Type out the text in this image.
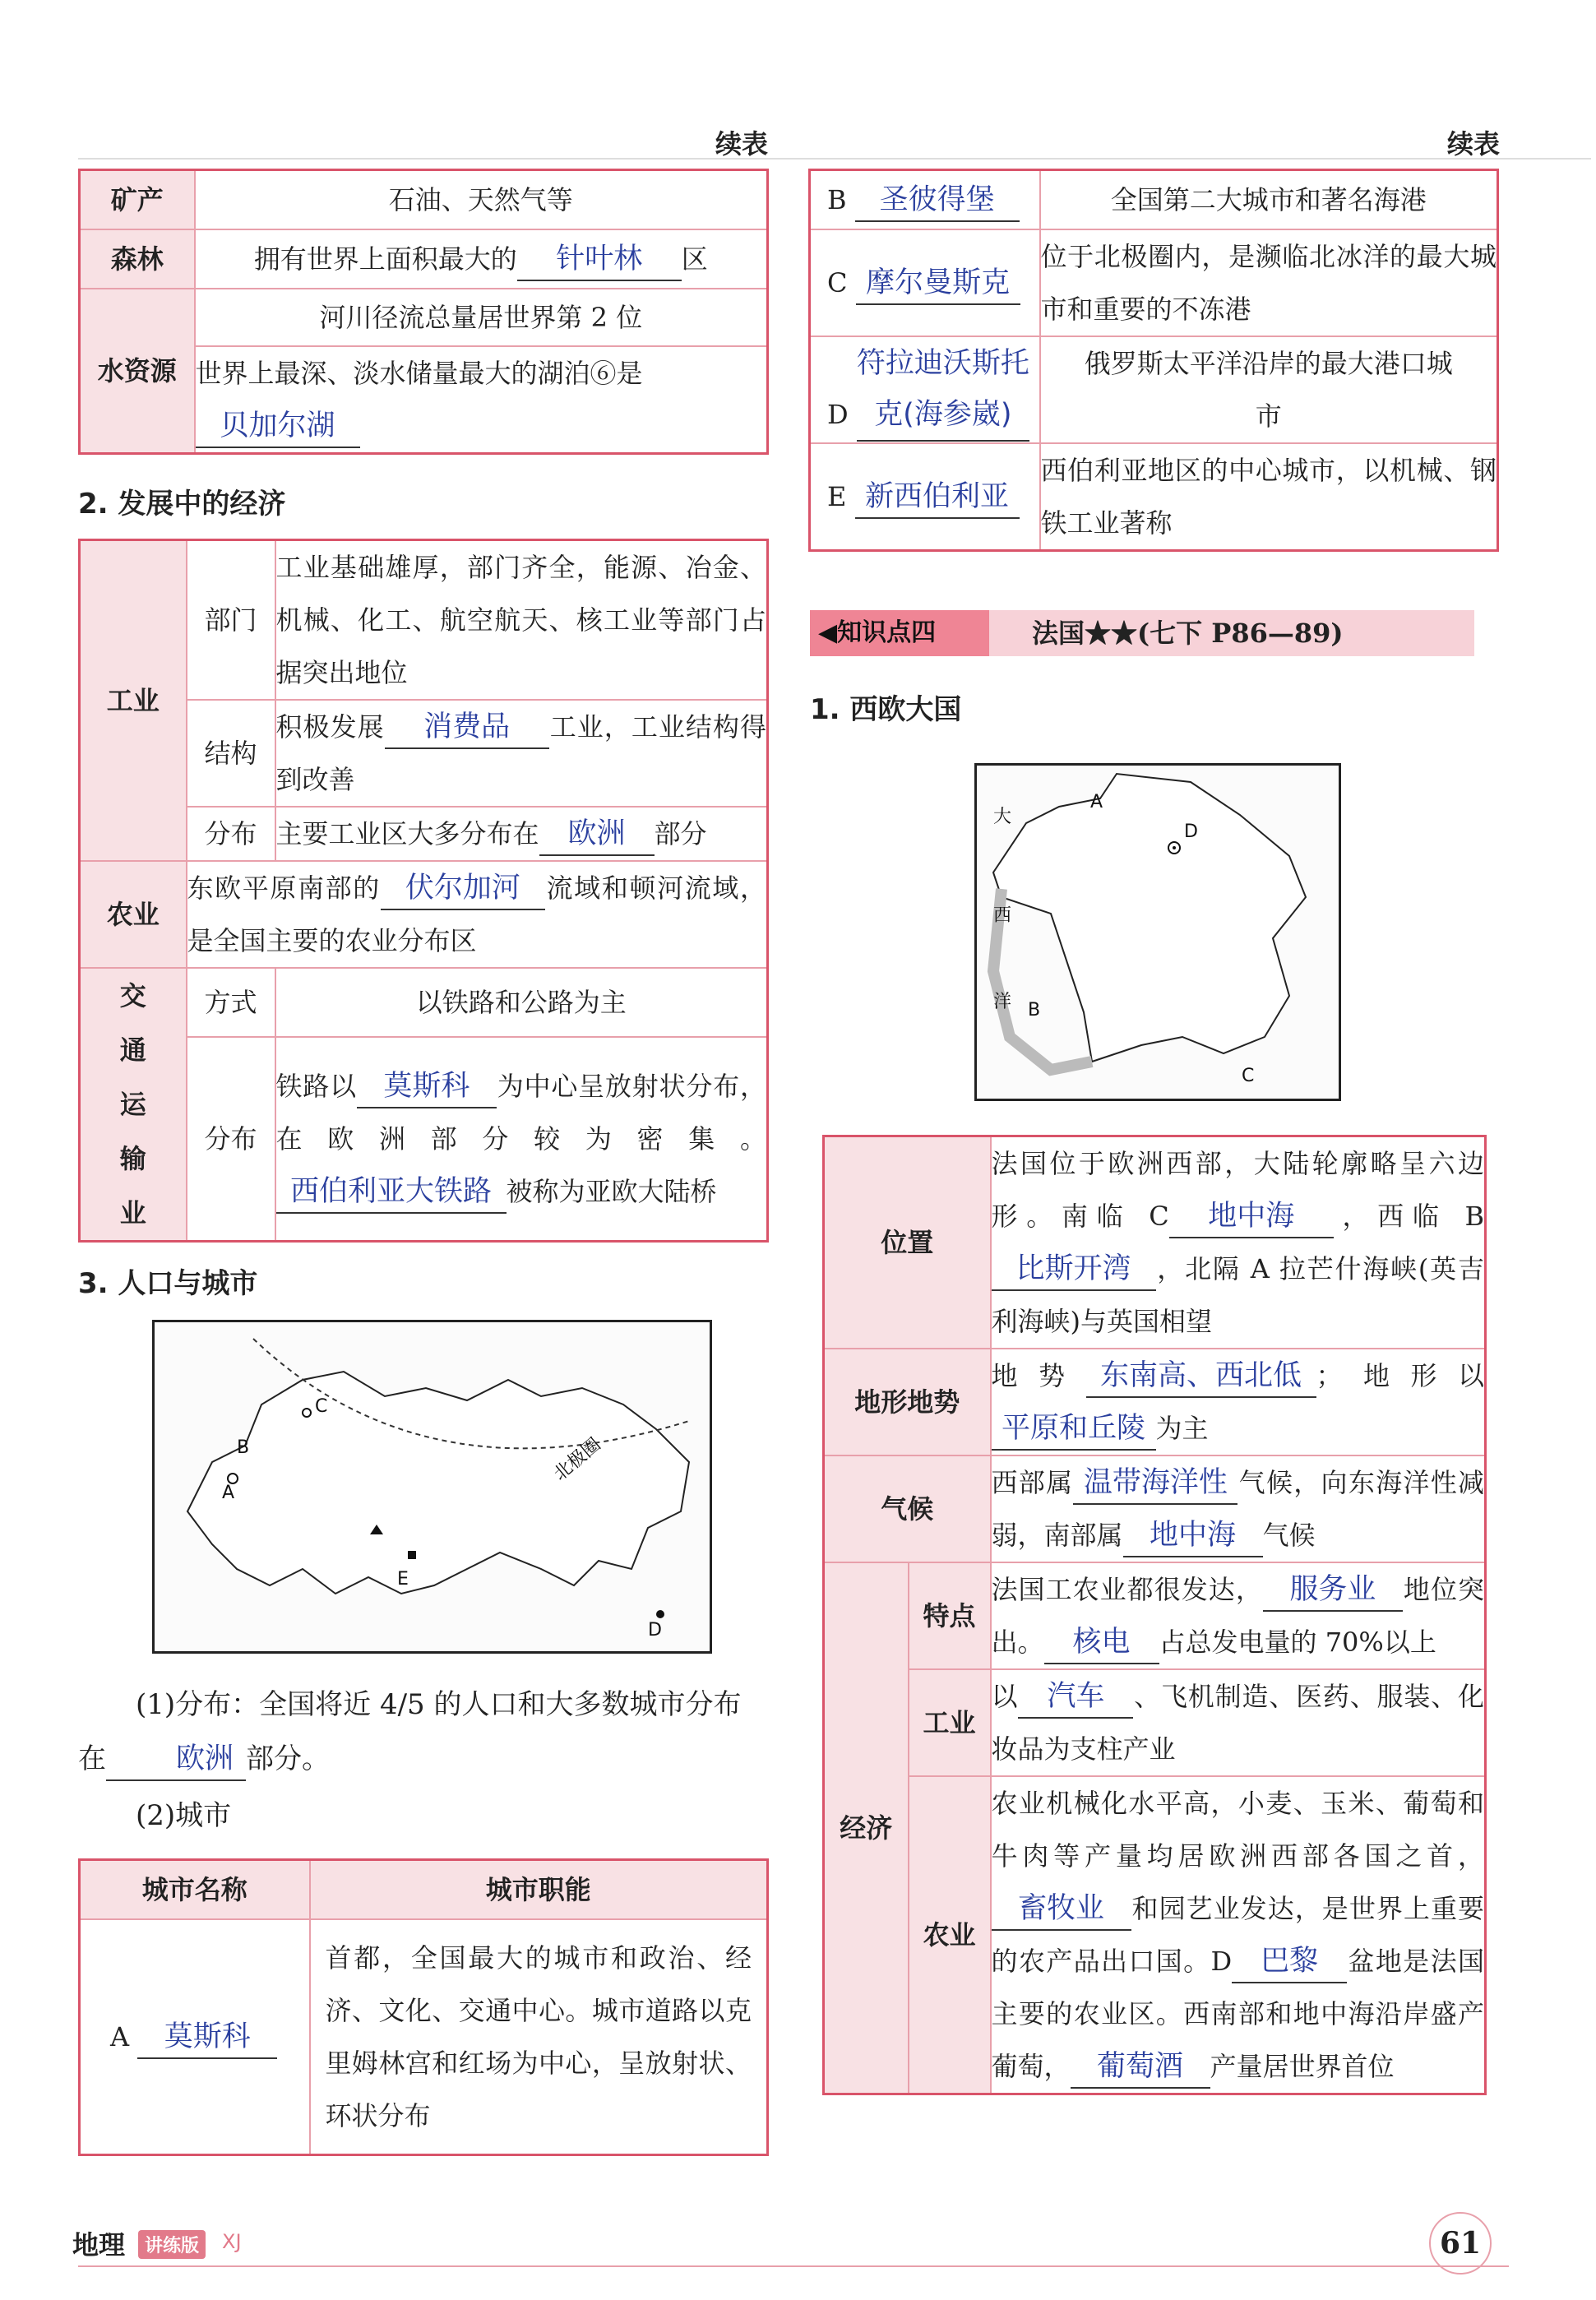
续表
矿产	石油、天然气等
森林	拥有世界上面积最大的 针叶林 区
水资源	河川径流总量居世界第 2 位
	世界上最深、淡水储量最大的湖泊⑥是
贝加尔湖
2. 发展中的经济
工业	部门	工业基础雄厚，部门齐全，能源、冶金、机械、化工、航空航天、核工业等部门占据突出地位
	结构	积极发展 消费品 工业，工业结构得到改善
	分布	主要工业区大多分布在 欧洲 部分
农业	东欧平原南部的 伏尔加河 流域和顿河流域，是全国主要的农业分布区	
交通运输业	方式	以铁路和公路为主
	分布	铁路以 莫斯科 为中心呈放射状分布，在欧洲部分较为密集。西伯利亚大铁路 被称为亚欧大陆桥
3. 人口与城市
北极圈
A
B
C
D
E
(1)分布：全国将近 4/5 的人口和大多数城市分布在 欧洲 部分。
(2)城市
城市名称	城市职能
A 莫斯科	首都，全国最大的城市和政治、经济、文化、交通中心。城市道路以克里姆林宫和红场为中心，呈放射状、环状分布
地理	讲练版	XJ
续表
B 圣彼得堡	全国第二大城市和著名海港
C 摩尔曼斯克	位于北极圈内，是濒临北冰洋的最大城市和重要的不冻港
D 符拉迪沃斯托克(海参崴)	俄罗斯太平洋沿岸的最大港口城市
E 新西伯利亚	西伯利亚地区的中心城市，以机械、钢铁工业著称
◀知识点四	法国★★(七下 P86—89)
1. 西欧大国
大
西
洋
A
B
C
D
位置		法国位于欧洲西部，大陆轮廓略呈六边形。南临 C 地中海 ，西临 B比斯开湾 ，北隔 A 拉芒什海峡(英吉利海峡)与英国相望
地形地势		地势 东南高、西北低 ；地形以平原和丘陵 为主
气候		西部属 温带海洋性 气候，向东海洋性减弱，南部属 地中海 气候
经济	特点	法国工农业都很发达， 服务业 地位突出。 核电 占总发电量的 70%以上
	工业	以 汽车 、飞机制造、医药、服装、化妆品为支柱产业
	农业	农业机械化水平高，小麦、玉米、葡萄和牛肉等产量均居欧洲西部各国之首，畜牧业 和园艺业发达，是世界上重要的农产品出口国。D 巴黎 盆地是法国主要的农业区。西南部和地中海沿岸盛产葡萄， 葡萄酒 产量居世界首位
61
